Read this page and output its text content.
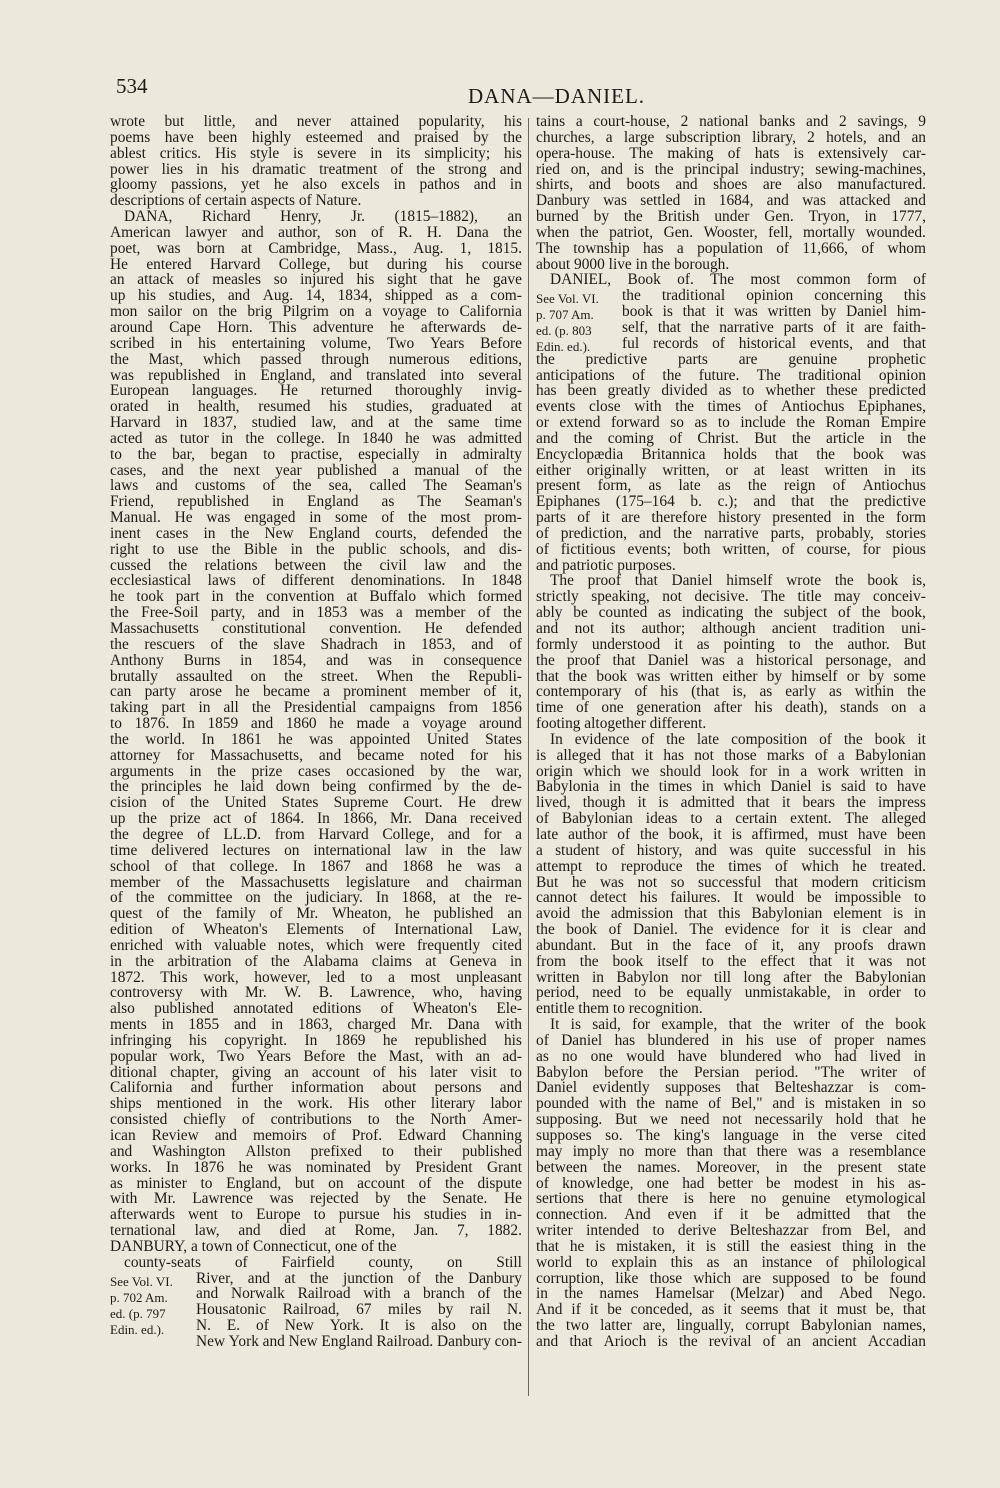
534	DANA—DANIEL.
wrote but little, and never attained popularity, his
poems have been highly esteemed and praised by the
ablest critics. His style is severe in its simplicity; his
power lies in his dramatic treatment of the strong and
gloomy passions, yet he also excels in pathos and in
descriptions of certain aspects of Nature.
DANA, Richard Henry, Jr. (1815–1882), an
American lawyer and author, son of R. H. Dana the
poet, was born at Cambridge, Mass., Aug. 1, 1815.
He entered Harvard College, but during his course
an attack of measles so injured his sight that he gave
up his studies, and Aug. 14, 1834, shipped as a com-
mon sailor on the brig Pilgrim on a voyage to California
around Cape Horn. This adventure he afterwards de-
scribed in his entertaining volume, Two Years Before
the Mast, which passed through numerous editions,
was republished in England, and translated into several
European languages. He returned thoroughly invig-
orated in health, resumed his studies, graduated at
Harvard in 1837, studied law, and at the same time
acted as tutor in the college. In 1840 he was admitted
to the bar, began to practise, especially in admiralty
cases, and the next year published a manual of the
laws and customs of the sea, called The Seaman's
Friend, republished in England as The Seaman's
Manual. He was engaged in some of the most prom-
inent cases in the New England courts, defended the
right to use the Bible in the public schools, and dis-
cussed the relations between the civil law and the
ecclesiastical laws of different denominations. In 1848
he took part in the convention at Buffalo which formed
the Free-Soil party, and in 1853 was a member of the
Massachusetts constitutional convention. He defended
the rescuers of the slave Shadrach in 1853, and of
Anthony Burns in 1854, and was in consequence
brutally assaulted on the street. When the Republi-
can party arose he became a prominent member of it,
taking part in all the Presidential campaigns from 1856
to 1876. In 1859 and 1860 he made a voyage around
the world. In 1861 he was appointed United States
attorney for Massachusetts, and became noted for his
arguments in the prize cases occasioned by the war,
the principles he laid down being confirmed by the de-
cision of the United States Supreme Court. He drew
up the prize act of 1864. In 1866, Mr. Dana received
the degree of LL.D. from Harvard College, and for a
time delivered lectures on international law in the law
school of that college. In 1867 and 1868 he was a
member of the Massachusetts legislature and chairman
of the committee on the judiciary. In 1868, at the re-
quest of the family of Mr. Wheaton, he published an
edition of Wheaton's Elements of International Law,
enriched with valuable notes, which were frequently cited
in the arbitration of the Alabama claims at Geneva in
1872. This work, however, led to a most unpleasant
controversy with Mr. W. B. Lawrence, who, having
also published annotated editions of Wheaton's Ele-
ments in 1855 and in 1863, charged Mr. Dana with
infringing his copyright. In 1869 he republished his
popular work, Two Years Before the Mast, with an ad-
ditional chapter, giving an account of his later visit to
California and further information about persons and
ships mentioned in the work. His other literary labor
consisted chiefly of contributions to the North Amer-
ican Review and memoirs of Prof. Edward Channing
and Washington Allston prefixed to their published
works. In 1876 he was nominated by President Grant
as minister to England, but on account of the dispute
with Mr. Lawrence was rejected by the Senate. He
afterwards went to Europe to pursue his studies in in-
ternational law, and died at Rome, Jan. 7, 1882.
DANBURY, a town of Connecticut, one of the
county-seats of Fairfield county, on Still
River, and at the junction of the Danbury
and Norwalk Railroad with a branch of the
Housatonic Railroad, 67 miles by rail N.
N. E. of New York. It is also on the
New York and New England Railroad. Danbury con-
See Vol. VI.
p. 702 Am.
ed. (p. 797
Edin. ed.).
tains a court-house, 2 national banks and 2 savings, 9
churches, a large subscription library, 2 hotels, and an
opera-house. The making of hats is extensively car-
ried on, and is the principal industry; sewing-machines,
shirts, and boots and shoes are also manufactured.
Danbury was settled in 1684, and was attacked and
burned by the British under Gen. Tryon, in 1777,
when the patriot, Gen. Wooster, fell, mortally wounded.
The township has a population of 11,666, of whom
about 9000 live in the borough.
DANIEL, Book of. The most common form of
the traditional opinion concerning this
book is that it was written by Daniel him-
self, that the narrative parts of it are faith-
ful records of historical events, and that
the predictive parts are genuine prophetic
anticipations of the future. The traditional opinion
has been greatly divided as to whether these predicted
events close with the times of Antiochus Epiphanes,
or extend forward so as to include the Roman Empire
and the coming of Christ. But the article in the
Encyclopædia Britannica holds that the book was
either originally written, or at least written in its
present form, as late as the reign of Antiochus
Epiphanes (175–164 b. c.); and that the predictive
parts of it are therefore history presented in the form
of prediction, and the narrative parts, probably, stories
of fictitious events; both written, of course, for pious
and patriotic purposes.
The proof that Daniel himself wrote the book is,
strictly speaking, not decisive. The title may conceiv-
ably be counted as indicating the subject of the book,
and not its author; although ancient tradition uni-
formly understood it as pointing to the author. But
the proof that Daniel was a historical personage, and
that the book was written either by himself or by some
contemporary of his (that is, as early as within the
time of one generation after his death), stands on a
footing altogether different.
In evidence of the late composition of the book it
is alleged that it has not those marks of a Babylonian
origin which we should look for in a work written in
Babylonia in the times in which Daniel is said to have
lived, though it is admitted that it bears the impress
of Babylonian ideas to a certain extent. The alleged
late author of the book, it is affirmed, must have been
a student of history, and was quite successful in his
attempt to reproduce the times of which he treated.
But he was not so successful that modern criticism
cannot detect his failures. It would be impossible to
avoid the admission that this Babylonian element is in
the book of Daniel. The evidence for it is clear and
abundant. But in the face of it, any proofs drawn
from the book itself to the effect that it was not
written in Babylon nor till long after the Babylonian
period, need to be equally unmistakable, in order to
entitle them to recognition.
It is said, for example, that the writer of the book
of Daniel has blundered in his use of proper names
as no one would have blundered who had lived in
Babylon before the Persian period. "The writer of
Daniel evidently supposes that Belteshazzar is com-
pounded with the name of Bel," and is mistaken in so
supposing. But we need not necessarily hold that he
supposes so. The king's language in the verse cited
may imply no more than that there was a resemblance
between the names. Moreover, in the present state
of knowledge, one had better be modest in his as-
sertions that there is here no genuine etymological
connection. And even if it be admitted that the
writer intended to derive Belteshazzar from Bel, and
that he is mistaken, it is still the easiest thing in the
world to explain this as an instance of philological
corruption, like those which are supposed to be found
in the names Hamelsar (Melzar) and Abed Nego.
And if it be conceded, as it seems that it must be, that
the two latter are, lingually, corrupt Babylonian names,
and that Arioch is the revival of an ancient Accadian
See Vol. VI.
p. 707 Am.
ed. (p. 803
Edin. ed.).
